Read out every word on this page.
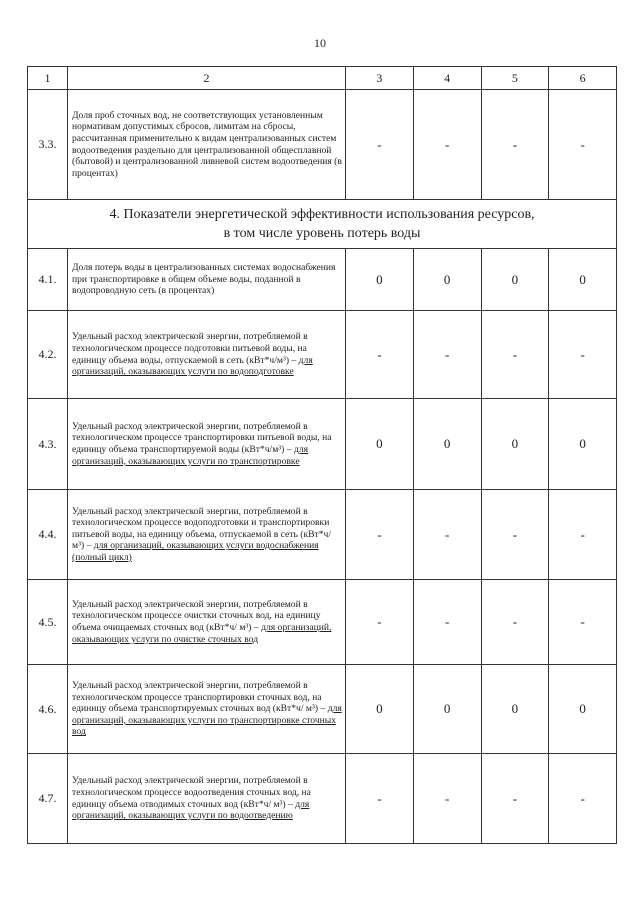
10
1	2	3	4	5	6
3.3.	Доля проб сточных вод, не соответствующих установленным нормативам допустимых сбросов, лимитам на сбросы, рассчитанная применительно к видам централизованных систем водоотведения раздельно для централизованной общесплавной (бытовой) и централизованной ливневой систем водоотведения (в процентах)	-	-	-	-

4. Показатели энергетической эффективности использования ресурсов,
в том числе уровень потерь воды					

4.1.	Доля потерь воды в централизованных системах водоснабжения при транспортировке в общем объеме воды, поданной в водопроводную сеть (в процентах)	0	0	0	0
4.2.	Удельный расход электрической энергии, потребляемой в технологическом процессе подготовки питьевой воды, на единицу объема воды, отпускаемой в сеть (кВт*ч/м³) – для организаций, оказывающих услуги по водоподготовке	-	-	-	-
4.3.	Удельный расход электрической энергии, потребляемой в технологическом процессе транспортировки питьевой воды, на единицу объема транспортируемой воды (кВт*ч/м³) – для организаций, оказывающих услуги по транспортировке	0	0	0	0
4.4.	Удельный расход электрической энергии, потребляемой в технологическом процессе водоподготовки и транспортировки питьевой воды, на единицу объема, отпускаемой в сеть (кВт*ч/м³) – для организаций, оказывающих услуги водоснабжения (полный цикл)	-	-	-	-
4.5.	Удельный расход электрической энергии, потребляемой в технологическом процессе очистки сточных вод, на единицу объема очищаемых сточных вод (кВт*ч/ м³) – для организаций, оказывающих услуги по очистке сточных вод	-	-	-	-
4.6.	Удельный расход электрической энергии, потребляемой в технологическом процессе транспортировки сточных вод, на единицу объема транспортируемых сточных вод (кВт*ч/ м³) – для организаций, оказывающих услуги по транспортировке сточных вод	0	0	0	0
4.7.	Удельный расход электрической энергии, потребляемой в технологическом процессе водоотведения сточных вод, на единицу объема отводимых сточных вод (кВт*ч/ м³) – для организаций, оказывающих услуги по водоотведению	-	-	-	-
